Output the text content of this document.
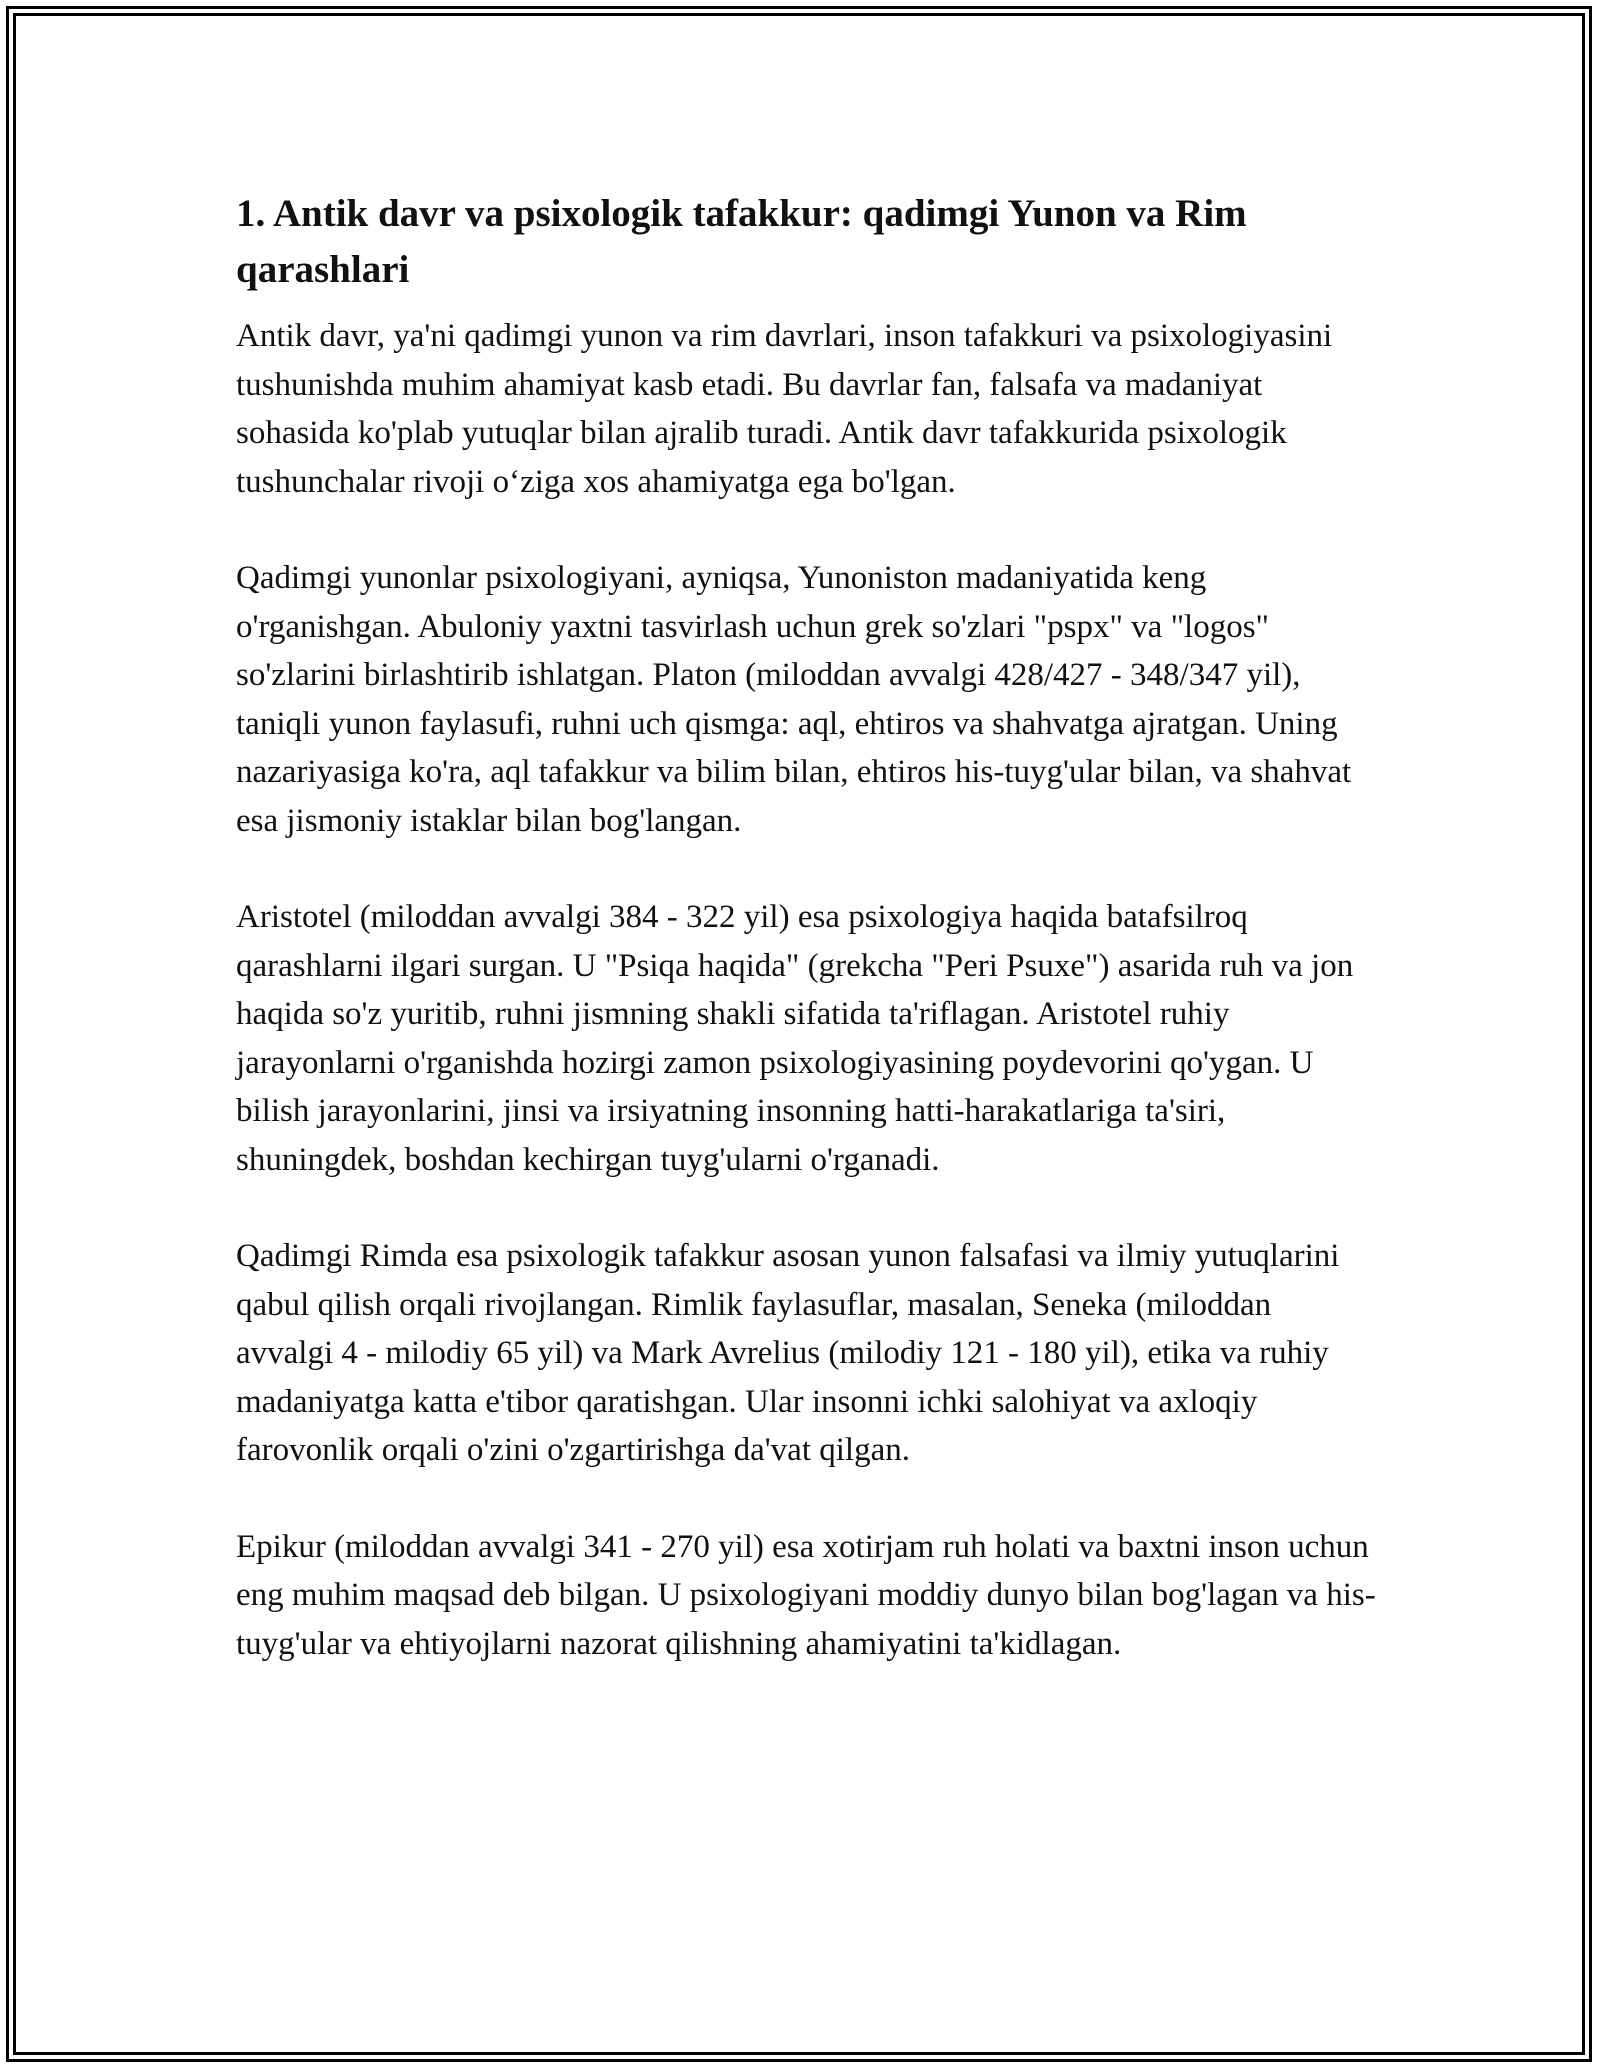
1. Antik davr va psixologik tafakkur: qadimgi Yunon va Rim qarashlari

Antik davr, ya'ni qadimgi yunon va rim davrlari, inson tafakkuri va psixologiyasini tushunishda muhim ahamiyat kasb etadi. Bu davrlar fan, falsafa va madaniyat sohasida ko'plab yutuqlar bilan ajralib turadi. Antik davr tafakkurida psixologik tushunchalar rivoji o‘ziga xos ahamiyatga ega bo'lgan.

Qadimgi yunonlar psixologiyani, ayniqsa, Yunoniston madaniyatida keng o'rganishgan. Abuloniy yaxtni tasvirlash uchun grek so'zlari "pspx" va "logos" so'zlarini birlashtirib ishlatgan. Platon (miloddan avvalgi 428/427 - 348/347 yil), taniqli yunon faylasufi, ruhni uch qismga: aql, ehtiros va shahvatga ajratgan. Uning nazariyasiga ko'ra, aql tafakkur va bilim bilan, ehtiros his-tuyg'ular bilan, va shahvat esa jismoniy istaklar bilan bog'langan.

Aristotel (miloddan avvalgi 384 - 322 yil) esa psixologiya haqida batafsilroq qarashlarni ilgari surgan. U "Psiqa haqida" (grekcha "Peri Psuxe") asarida ruh va jon haqida so'z yuritib, ruhni jismning shakli sifatida ta'riflagan. Aristotel ruhiy jarayonlarni o'rganishda hozirgi zamon psixologiyasining poydevorini qo'ygan. U bilish jarayonlarini, jinsi va irsiyatning insonning hatti-harakatlariga ta'siri, shuningdek, boshdan kechirgan tuyg'ularni o'rganadi.

Qadimgi Rimda esa psixologik tafakkur asosan yunon falsafasi va ilmiy yutuqlarini qabul qilish orqali rivojlangan. Rimlik faylasuflar, masalan, Seneka (miloddan avvalgi 4 - milodiy 65 yil) va Mark Avrelius (milodiy 121 - 180 yil), etika va ruhiy madaniyatga katta e'tibor qaratishgan. Ular insonni ichki salohiyat va axloqiy farovonlik orqali o'zini o'zgartirishga da'vat qilgan.

Epikur (miloddan avvalgi 341 - 270 yil) esa xotirjam ruh holati va baxtni inson uchun eng muhim maqsad deb bilgan. U psixologiyani moddiy dunyo bilan bog'lagan va his-tuyg'ular va ehtiyojlarni nazorat qilishning ahamiyatini ta'kidlagan.
